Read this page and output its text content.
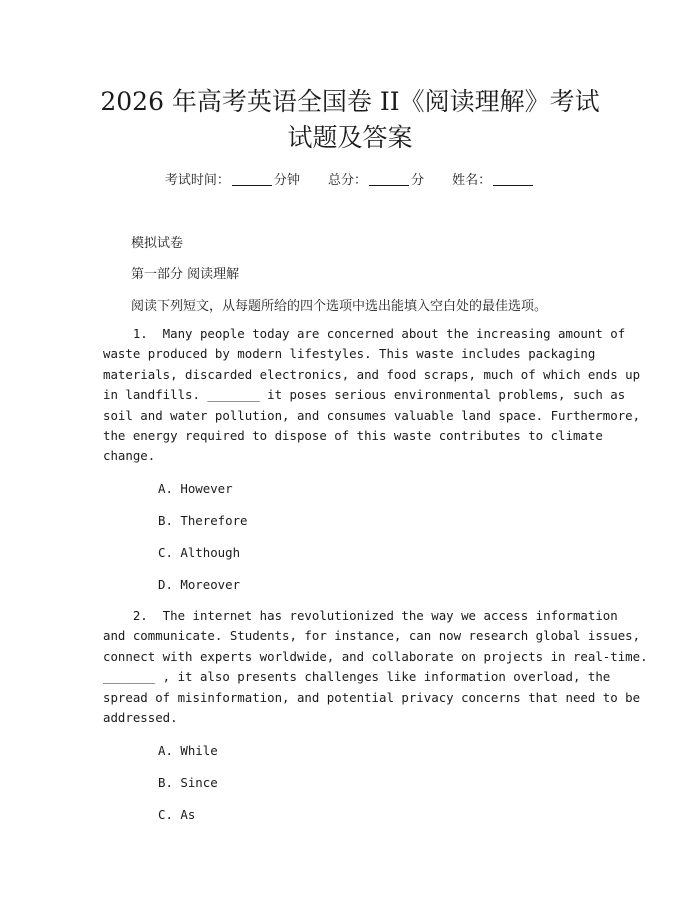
2026 年高考英语全国卷 II《阅读理解》考试
试题及答案
考试时间：	分钟 总分：	分 姓名：
模拟试卷
第一部分 阅读理解
阅读下列短文，从每题所给的四个选项中选出能填入空白处的最佳选项。

1.  Many people today are concerned about the increasing amount of
waste produced by modern lifestyles. This waste includes packaging
materials, discarded electronics, and food scraps, much of which ends up
in landfills. _______ it poses serious environmental problems, such as
soil and water pollution, and consumes valuable land space. Furthermore,
the energy required to dispose of this waste contributes to climate
change.

A. However
B. Therefore
C. Although
D. Moreover

2.  The internet has revolutionized the way we access information
and communicate. Students, for instance, can now research global issues,
connect with experts worldwide, and collaborate on projects in real-time.
_______ , it also presents challenges like information overload, the
spread of misinformation, and potential privacy concerns that need to be
addressed.

A. While
B. Since
C. As
